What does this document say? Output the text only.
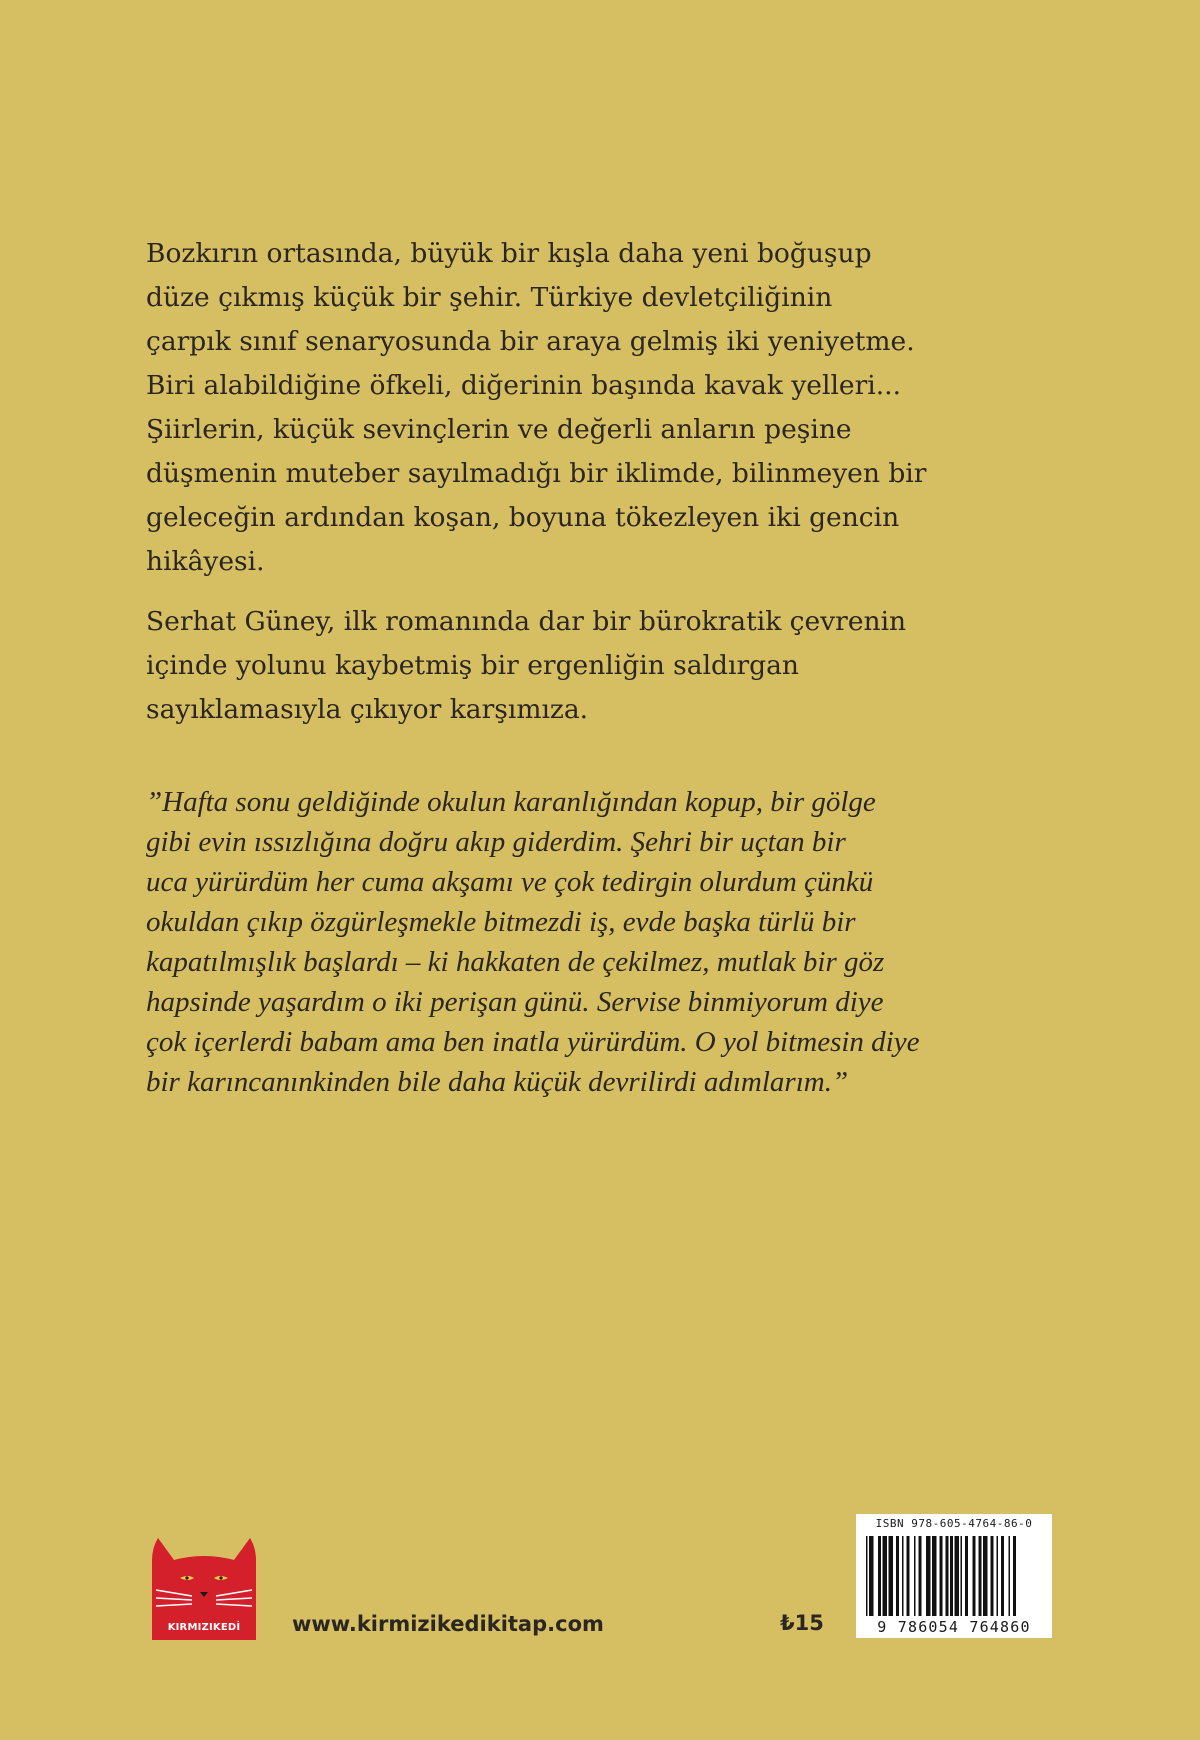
Bozkırın ortasında, büyük bir kışla daha yeni boğuşup

düze çıkmış küçük bir şehir. Türkiye devletçiliğinin

çarpık sınıf senaryosunda bir araya gelmiş iki yeniyetme.

Biri alabildiğine öfkeli, diğerinin başında kavak yelleri...

Şiirlerin, küçük sevinçlerin ve değerli anların peşine

düşmenin muteber sayılmadığı bir iklimde, bilinmeyen bir

geleceğin ardından koşan, boyuna tökezleyen iki gencin

hikâyesi.

Serhat Güney, ilk romanında dar bir bürokratik çevrenin

içinde yolunu kaybetmiş bir ergenliğin saldırgan

sayıklamasıyla çıkıyor karşımıza.

”Hafta sonu geldiğinde okulun karanlığından kopup, bir gölge

gibi evin ıssızlığına doğru akıp giderdim. Şehri bir uçtan bir

uca yürürdüm her cuma akşamı ve çok tedirgin olurdum çünkü

okuldan çıkıp özgürleşmekle bitmezdi iş, evde başka türlü bir

kapatılmışlık başlardı – ki hakkaten de çekilmez, mutlak bir göz

hapsinde yaşardım o iki perişan günü. Servise binmiyorum diye

çok içerlerdi babam ama ben inatla yürürdüm. O yol bitmesin diye

bir karıncanınkinden bile daha küçük devrilirdi adımlarım.”

KIRMIZIKEDİ	www.kirmizikedikitap.com	₺15
ISBN 978-605-4764-86-0
9 786054 764860
